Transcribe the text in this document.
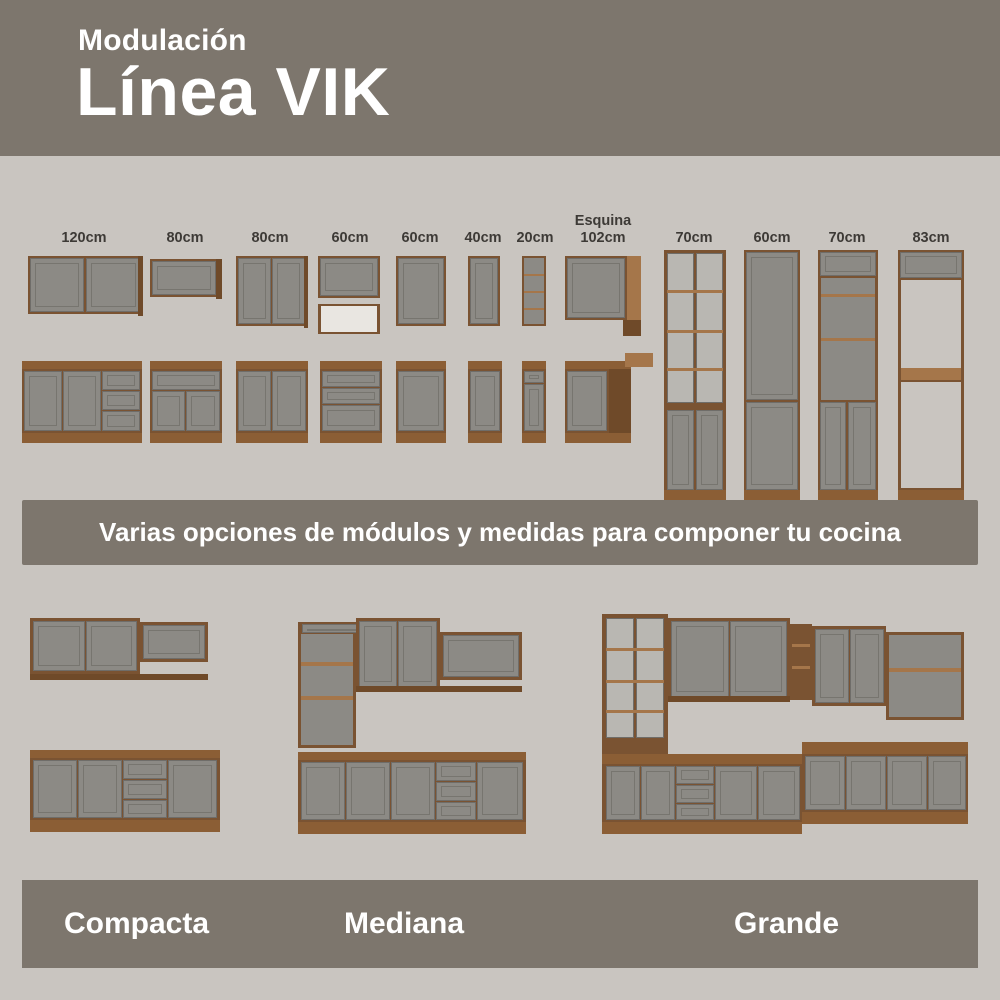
Modulación
Línea VIK
120cm	80cm	80cm	60cm 60cm 40cm 20cm
Esquina
102cm	70cm	60cm	70cm	83cm
Varias opciones de módulos y medidas para componer tu cocina
Compacta	Mediana	Grande
